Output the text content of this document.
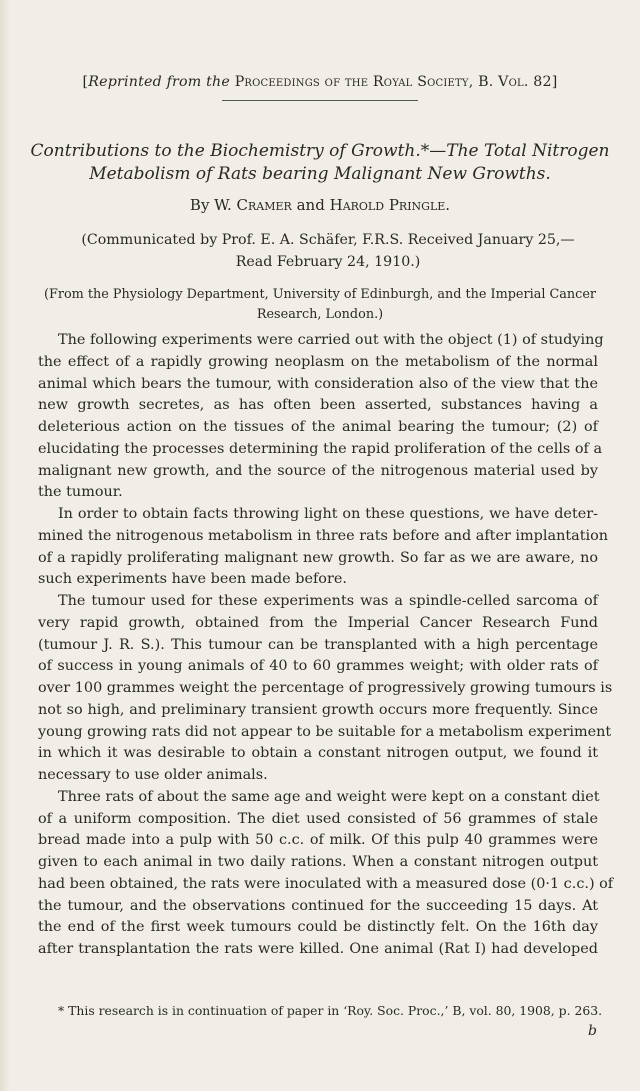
[Reprinted from the Proceedings of the Royal Society, B. Vol. 82]
Contributions to the Biochemistry of Growth.*—The Total Nitrogen
Metabolism of Rats bearing Malignant New Growths.
By W. Cramer and Harold Pringle.
(Communicated by Prof. E. A. Schäfer, F.R.S. Received January 25,—
Read February 24, 1910.)
(From the Physiology Department, University of Edinburgh, and the Imperial Cancer
Research, London.)
The following experiments were carried out with the object (1) of studying
the effect of a rapidly growing neoplasm on the metabolism of the normal
animal which bears the tumour, with consideration also of the view that the
new growth secretes, as has often been asserted, substances having a
deleterious action on the tissues of the animal bearing the tumour; (2) of
elucidating the processes determining the rapid proliferation of the cells of a
malignant new growth, and the source of the nitrogenous material used by
the tumour.
In order to obtain facts throwing light on these questions, we have deter-
mined the nitrogenous metabolism in three rats before and after implantation
of a rapidly proliferating malignant new growth. So far as we are aware, no
such experiments have been made before.
The tumour used for these experiments was a spindle-celled sarcoma of
very rapid growth, obtained from the Imperial Cancer Research Fund
(tumour J. R. S.). This tumour can be transplanted with a high percentage
of success in young animals of 40 to 60 grammes weight; with older rats of
over 100 grammes weight the percentage of progressively growing tumours is
not so high, and preliminary transient growth occurs more frequently. Since
young growing rats did not appear to be suitable for a metabolism experiment
in which it was desirable to obtain a constant nitrogen output, we found it
necessary to use older animals.
Three rats of about the same age and weight were kept on a constant diet
of a uniform composition. The diet used consisted of 56 grammes of stale
bread made into a pulp with 50 c.c. of milk. Of this pulp 40 grammes were
given to each animal in two daily rations. When a constant nitrogen output
had been obtained, the rats were inoculated with a measured dose (0·1 c.c.) of
the tumour, and the observations continued for the succeeding 15 days. At
the end of the first week tumours could be distinctly felt. On the 16th day
after transplantation the rats were killed. One animal (Rat I) had developed
* This research is in continuation of paper in ‘Roy. Soc. Proc.,’ B, vol. 80, 1908, p. 263.
b
